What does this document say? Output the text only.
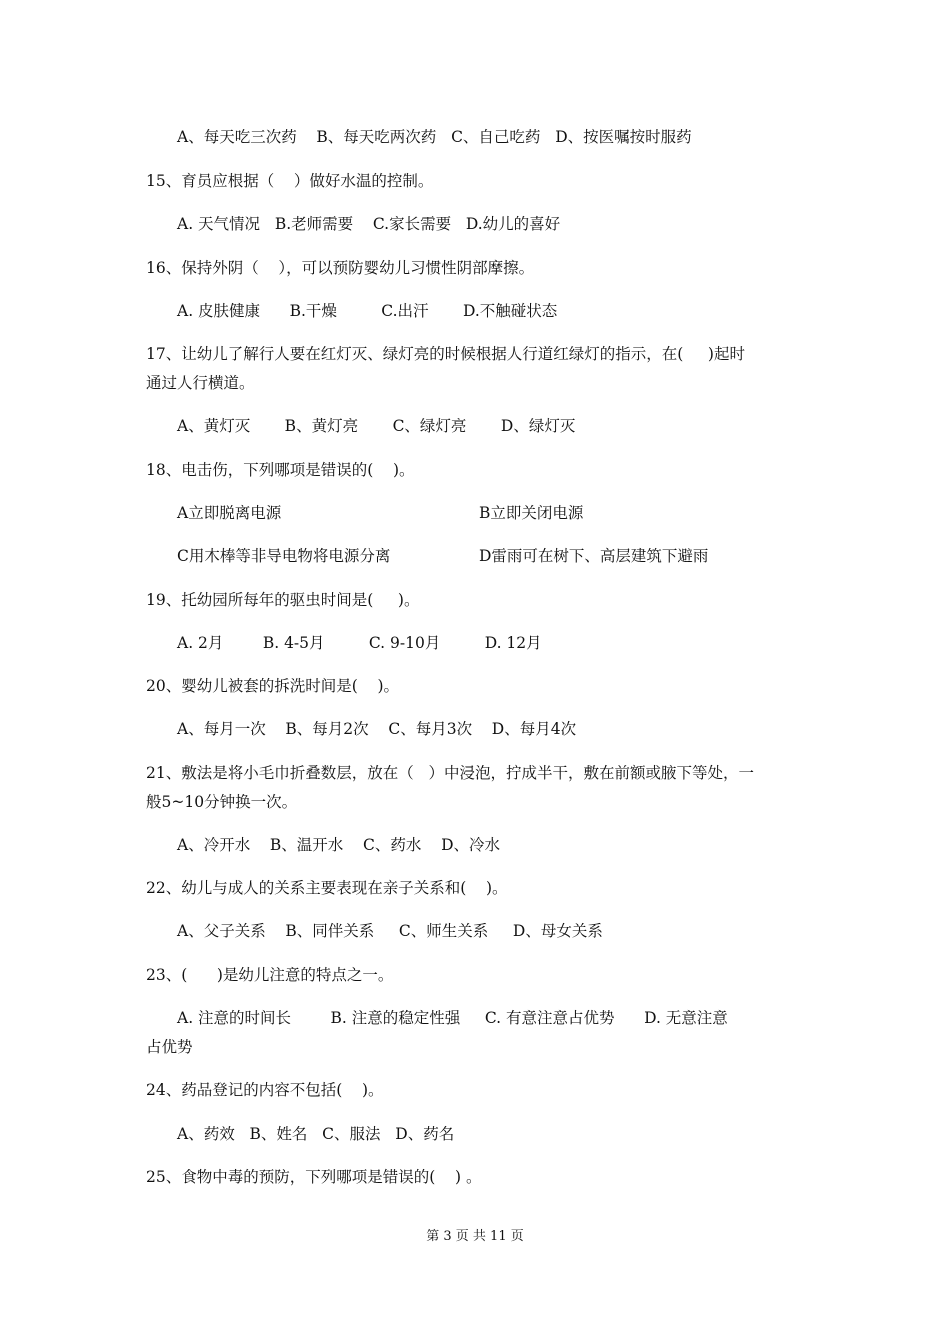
A、每天吃三次药    B、每天吃两次药   C、自己吃药   D、按医嘱按时服药
15、育员应根据（    ）做好水温的控制。
A. 天气情况   B.老师需要    C.家长需要   D.幼儿的喜好
16、保持外阴（    ），可以预防婴幼儿习惯性阴部摩擦。
A. 皮肤健康      B.干燥         C.出汗       D.不触碰状态
17、让幼儿了解行人要在红灯灭、绿灯亮的时候根据人行道红绿灯的指示，在(     )起时
通过人行横道。
A、黄灯灭       B、黄灯亮       C、绿灯亮       D、绿灯灭
18、电击伤，下列哪项是错误的(    )。
A立即脱离电源	B立即关闭电源
C用木棒等非导电物将电源分离	D雷雨可在树下、高层建筑下避雨
19、托幼园所每年的驱虫时间是(     )。
A. 2月        B. 4-5月         C. 9-10月         D. 12月
20、婴幼儿被套的拆洗时间是(    )。
A、每月一次    B、每月2次    C、每月3次    D、每月4次
21、敷法是将小毛巾折叠数层，放在（   ）中浸泡，拧成半干，敷在前额或腋下等处，一
般5~10分钟换一次。
A、冷开水    B、温开水    C、药水    D、冷水
22、幼儿与成人的关系主要表现在亲子关系和(    )。
A、父子关系    B、同伴关系     C、师生关系     D、母女关系
23、(      )是幼儿注意的特点之一。
A. 注意的时间长        B. 注意的稳定性强     C. 有意注意占优势      D. 无意注意
占优势
24、药品登记的内容不包括(    )。
A、药效   B、姓名   C、服法   D、药名
25、食物中毒的预防，下列哪项是错误的(    ) 。
第 3 页 共 11 页
